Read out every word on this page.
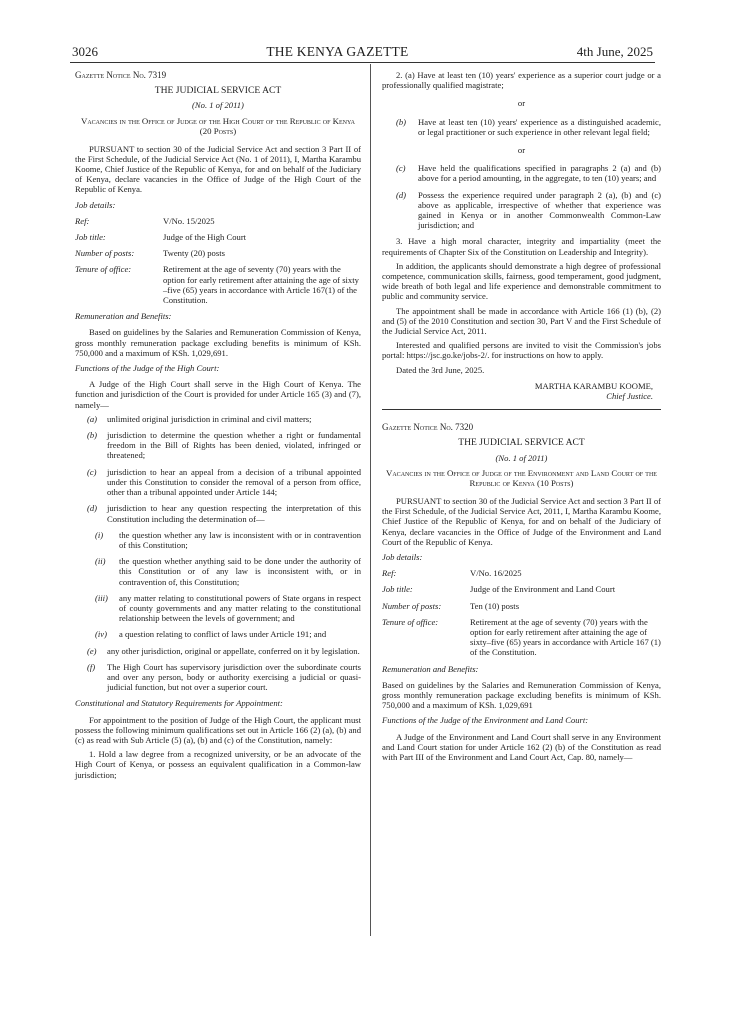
3026	THE KENYA GAZETTE	4th June, 2025
Gazette Notice No. 7319
THE JUDICIAL SERVICE ACT
(No. 1 of 2011)
Vacancies in the Office of Judge of the High Court of the Republic of Kenya (20 Posts)

PURSUANT to section 30 of the Judicial Service Act and section 3 Part II of the First Schedule, of the Judicial Service Act (No. 1 of 2011), I, Martha Karambu Koome, Chief Justice of the Republic of Kenya, for and on behalf of the Judiciary of Kenya, declare vacancies in the Office of Judge of the High Court of the Republic of Kenya.

Job details:
Ref:	V/No. 15/2025
Job title:	Judge of the High Court
Number of posts:	Twenty (20) posts
Tenure of office:	Retirement at the age of seventy (70) years with the option for early retirement after attaining the age of sixty –five (65) years in accordance with Article 167(1) of the Constitution.
Remuneration and Benefits:

Based on guidelines by the Salaries and Remuneration Commission of Kenya, gross monthly remuneration package excluding benefits is minimum of KSh. 750,000 and a maximum of KSh. 1,029,691.

Functions of the Judge of the High Court:

A Judge of the High Court shall serve in the High Court of Kenya. The function and jurisdiction of the Court is provided for under Article 165 (3) and (7), namely—

(a)	unlimited original jurisdiction in criminal and civil matters;
(b)	jurisdiction to determine the question whether a right or fundamental freedom in the Bill of Rights has been denied, violated, infringed or threatened;
(c)	jurisdiction to hear an appeal from a decision of a tribunal appointed under this Constitution to consider the removal of a person from office, other than a tribunal appointed under Article 144;
(d)	jurisdiction to hear any question respecting the interpretation of this Constitution including the determination of—
(i)	the question whether any law is inconsistent with or in contravention of this Constitution;
(ii)	the question whether anything said to be done under the authority of this Constitution or of any law is inconsistent with, or in contravention of, this Constitution;
(iii)	any matter relating to constitutional powers of State organs in respect of county governments and any matter relating to the constitutional relationship between the levels of government; and
(iv)	a question relating to conflict of laws under Article 191; and
(e)	any other jurisdiction, original or appellate, conferred on it by legislation.
(f)	The High Court has supervisory jurisdiction over the subordinate courts and over any person, body or authority exercising a judicial or quasi-judicial function, but not over a superior court.
Constitutional and Statutory Requirements for Appointment:

For appointment to the position of Judge of the High Court, the applicant must possess the following minimum qualifications set out in Article 166 (2) (a), (b) and (c) as read with Sub Article (5) (a), (b) and (c) of the Constitution, namely:

1. Hold a law degree from a recognized university, or be an advocate of the High Court of Kenya, or possess an equivalent qualification in a Common-law jurisdiction;

2. (a) Have at least ten (10) years' experience as a superior court judge or a professionally qualified magistrate;

or
(b)	Have at least ten (10) years' experience as a distinguished academic, or legal practitioner or such experience in other relevant legal field;
or
(c)	Have held the qualifications specified in paragraphs 2 (a) and (b) above for a period amounting, in the aggregate, to ten (10) years; and
(d)	Possess the experience required under paragraph 2 (a), (b) and (c) above as applicable, irrespective of whether that experience was gained in Kenya or in another Commonwealth Common-Law jurisdiction; and

3. Have a high moral character, integrity and impartiality (meet the requirements of Chapter Six of the Constitution on Leadership and Integrity).

In addition, the applicants should demonstrate a high degree of professional competence, communication skills, fairness, good temperament, good judgment, wide breath of both legal and life experience and demonstrable commitment to public and community service.

The appointment shall be made in accordance with Article 166 (1) (b), (2) and (5) of the 2010 Constitution and section 30, Part V and the First Schedule of the Judicial Service Act, 2011.

Interested and qualified persons are invited to visit the Commission's jobs portal: https://jsc.go.ke/jobs-2/. for instructions on how to apply.

Dated the 3rd June, 2025.

MARTHA KARAMBU KOOME,
Chief Justice.
Gazette Notice No. 7320
THE JUDICIAL SERVICE ACT
(No. 1 of 2011)
Vacancies in the Office of Judge of the Environment and Land Court of the Republic of Kenya (10 Posts)

PURSUANT to section 30 of the Judicial Service Act and section 3 Part II of the First Schedule, of the Judicial Service Act, 2011, I, Martha Karambu Koome, Chief Justice of the Republic of Kenya, for and on behalf of the Judiciary of Kenya, declare vacancies in the Office of Judge of the Environment and Land Court of the Republic of Kenya.

Job details:
Ref:	V/No. 16/2025
Job title:	Judge of the Environment and Land Court
Number of posts:	Ten (10) posts
Tenure of office:	Retirement at the age of seventy (70) years with the option for early retirement after attaining the age of sixty–five (65) years in accordance with Article 167 (1) of the Constitution.
Remuneration and Benefits:

Based on guidelines by the Salaries and Remuneration Commission of Kenya, gross monthly remuneration package excluding benefits is minimum of KSh. 750,000 and a maximum of KSh. 1,029,691

Functions of the Judge of the Environment and Land Court:

A Judge of the Environment and Land Court shall serve in any Environment and Land Court station for under Article 162 (2) (b) of the Constitution as read with Part III of the Environment and Land Court Act, Cap. 80, namely—
